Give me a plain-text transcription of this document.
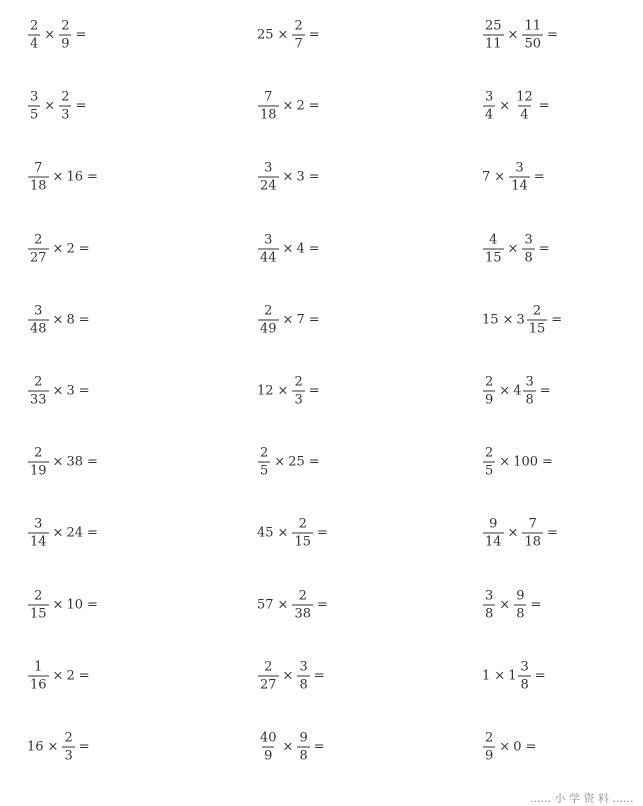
$\frac{2}{4} \times \frac{2}{9}$ =	$25 \times \frac{2}{7}$ =	$\frac{25}{11} \times \frac{11}{50}$ =
$\frac{3}{5} \times \frac{2}{3}$ =	$\frac{7}{18} \times 2$ =	$\frac{3}{4} \times \frac{12}{4}$ =
$\frac{7}{18} \times 16$ =	$\frac{3}{24} \times 3$ =	$7 \times \frac{3}{14}$ =
$\frac{2}{27} \times 2$ =	$\frac{3}{44} \times 4$ =	$\frac{4}{15} \times \frac{3}{8}$ =
$\frac{3}{48} \times 8$ =	$\frac{2}{49} \times 7$ =	$15 \times 3 \frac{2}{15}$ =
$\frac{2}{33} \times 3$ =	$12 \times \frac{2}{3}$ =	$\frac{2}{9} \times 4 \frac{3}{8}$ =
$\frac{2}{19} \times 38$ =	$\frac{2}{5} \times 25$ =	$\frac{2}{5} \times 100$ =
$\frac{3}{14} \times 24$ =	$45 \times \frac{2}{15}$ =	$\frac{9}{14} \times \frac{7}{18}$ =
$\frac{2}{15} \times 10$ =	$57 \times \frac{2}{38}$ =	$\frac{3}{8} \times \frac{9}{8}$ =
$\frac{1}{16} \times 2$ =	$\frac{2}{27} \times \frac{3}{8}$ =	$1 \times 1 \frac{3}{8}$ =
$16 \times \frac{2}{3}$ =	$\frac{40}{9} \times \frac{9}{8}$ =	$\frac{2}{9} \times 0$ =
...... 小 学 资 料 ......
